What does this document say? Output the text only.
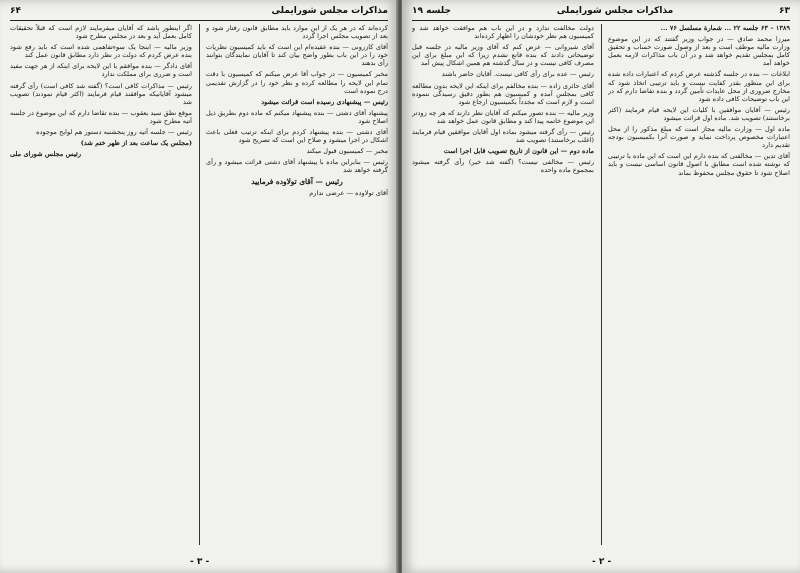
مذاکرات مجلس شورایملی
۶۴

کرده‌اند که در هر یک از این موارد باید مطابق قانون رفتار شود و بعد از تصویب مجلس اجرا گردد

آقای کازرونی — بنده عقیده‌ام این است که باید کمیسیون نظریات خود را در این باب بطور واضح بیان کند تا آقایان نمایندگان بتوانند رأی بدهند

مخبر کمیسیون — در جواب آقا عرض میکنم که کمیسیون با دقت تمام این لایحه را مطالعه کرده و نظر خود را در گزارش تقدیمی درج نموده است

رئیس — پیشنهادی رسیده است قرائت میشود

پیشنهاد آقای دشتی — بنده پیشنهاد میکنم که ماده دوم بطریق ذیل اصلاح شود

آقای دشتی — بنده پیشنهاد کردم برای اینکه ترتیب فعلی باعث اشکال در اجرا میشود و صلاح این است که تصریح شود

مخبر — کمیسیون قبول میکند

رئیس — بنابراین ماده با پیشنهاد آقای دشتی قرائت میشود و رأی گرفته خواهد شد

رئیس — آقای تولاوده فرمایید

آقای تولاوده — عرضی ندارم

اگر اینطور باشد که آقایان میفرمایند لازم است که قبلاً تحقیقات کامل بعمل آید و بعد در مجلس مطرح شود

وزیر مالیه — اینجا یک سوءتفاهمی شده است که باید رفع شود بنده عرض کردم که دولت در نظر دارد مطابق قانون عمل کند

آقای دادگر — بنده موافقم با این لایحه برای اینکه از هر جهت مفید است و ضرری برای مملکت ندارد

رئیس — مذاکرات کافی است؟ (گفته شد کافی است) رأی گرفته میشود آقایانیکه موافقند قیام فرمایند (اکثر قیام نمودند) تصویب شد

موقع نطق سید یعقوب — بنده تقاضا دارم که این موضوع در جلسه آتیه مطرح شود

رئیس — جلسه آتیه روز پنجشنبه دستور هم لوایح موجوده

(مجلس یک ساعت بعد از ظهر ختم شد)

رئیس مجلس شورای ملی

- ۳ -
۶۳
مذاکرات مجلس شورایملی
جلسه ۱۹

۱۳۸۹ – ۶۳ جلسه ۲۲ ... شمارة مسلسل ۷۶ ...

میرزا محمد صادق — در جواب وزیر گفتند که در این موضوع وزارت مالیه موظف است و بعد از وصول صورت حساب و تحقیق کامل بمجلس تقدیم خواهد شد و در آن باب مذاکرات لازمه بعمل خواهد آمد

ابلاغات — بنده در جلسه گذشته عرض کردم که اعتبارات داده شده برای این منظور بقدر کفایت نیست و باید ترتیبی اتخاذ شود که مخارج ضروری از محل عایدات تأمین گردد و بنده تقاضا دارم که در این باب توضیحات کافی داده شود

رئیس — آقایان موافقین با کلیات این لایحه قیام فرمایند (اکثر برخاستند) تصویب شد. ماده اول قرائت میشود

ماده اول — وزارت مالیه مجاز است که مبلغ مذکور را از محل اعتبارات مخصوص پرداخت نماید و صورت آنرا بکمیسیون بودجه تقدیم دارد

آقای تدین — مخالفتی که بنده دارم این است که این ماده با ترتیبی که نوشته شده است مطابق با اصول قانون اساسی نیست و باید اصلاح شود تا حقوق مجلس محفوظ بماند

دولت مخالفت ندارد و در این باب هم موافقت خواهد شد و کمیسیون هم نظر خودشان را اظهار کرده‌اند

آقای شیروانی — عرض کنم که آقای وزیر مالیه در جلسه قبل توضیحاتی دادند که بنده قانع نشدم زیرا که این مبلغ برای این مصرف کافی نیست و در سال گذشته هم همین اشکال پیش آمد

رئیس — عده برای رأی کافی نیست. آقایان حاضر باشند

آقای حائری زاده — بنده مخالفم برای اینکه این لایحه بدون مطالعه کافی بمجلس آمده و کمیسیون هم بطور دقیق رسیدگی ننموده است و لازم است که مجدداً بکمیسیون ارجاع شود

وزیر مالیه — بنده تصور میکنم که آقایان نظر دارند که هر چه زودتر این موضوع خاتمه پیدا کند و مطابق قانون عمل خواهد شد

رئیس — رأی گرفته میشود بماده اول آقایان موافقین قیام فرمایند (اغلب برخاستند) تصویب شد

ماده دوم — این قانون از تاریخ تصویب قابل اجرا است

رئیس — مخالفی نیست؟ (گفته شد خیر) رأی گرفته میشود بمجموع ماده واحده

- ۲ -
